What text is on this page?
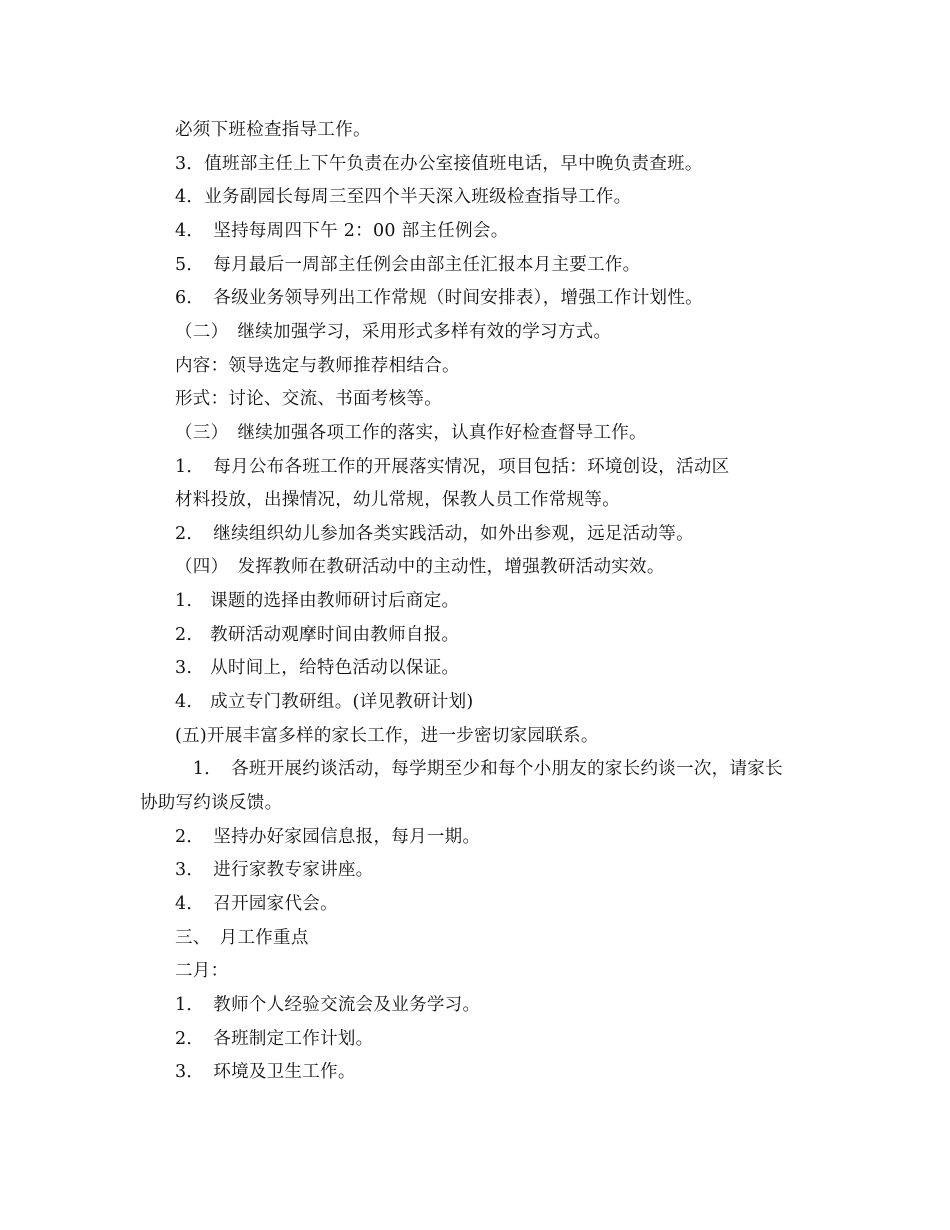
必须下班检查指导工作。
3．值班部主任上下午负责在办公室接值班电话，早中晚负责查班。
4．业务副园长每周三至四个半天深入班级检查指导工作。
4．　坚持每周四下午 2：00 部主任例会。
5．　每月最后一周部主任例会由部主任汇报本月主要工作。
6．　各级业务领导列出工作常规（时间安排表），增强工作计划性。
（二）　继续加强学习，采用形式多样有效的学习方式。
内容：领导选定与教师推荐相结合。
形式：讨论、交流、书面考核等。
（三）　继续加强各项工作的落实，认真作好检查督导工作。
1．　每月公布各班工作的开展落实情况，项目包括：环境创设，活动区
材料投放，出操情况，幼儿常规，保教人员工作常规等。
2．　继续组织幼儿参加各类实践活动，如外出参观，远足活动等。
（四）　发挥教师在教研活动中的主动性，增强教研活动实效。
1.　课题的选择由教师研讨后商定。
2.　教研活动观摩时间由教师自报。
3.　从时间上，给特色活动以保证。
4.　成立专门教研组。(详见教研计划)
(五)开展丰富多样的家长工作，进一步密切家园联系。
　1．　各班开展约谈活动，每学期至少和每个小朋友的家长约谈一次，请家长
协助写约谈反馈。
2．　坚持办好家园信息报，每月一期。
3．　进行家教专家讲座。
4．　召开园家代会。
三、　月工作重点
二月：
1．　教师个人经验交流会及业务学习。
2．　各班制定工作计划。
3．　环境及卫生工作。
